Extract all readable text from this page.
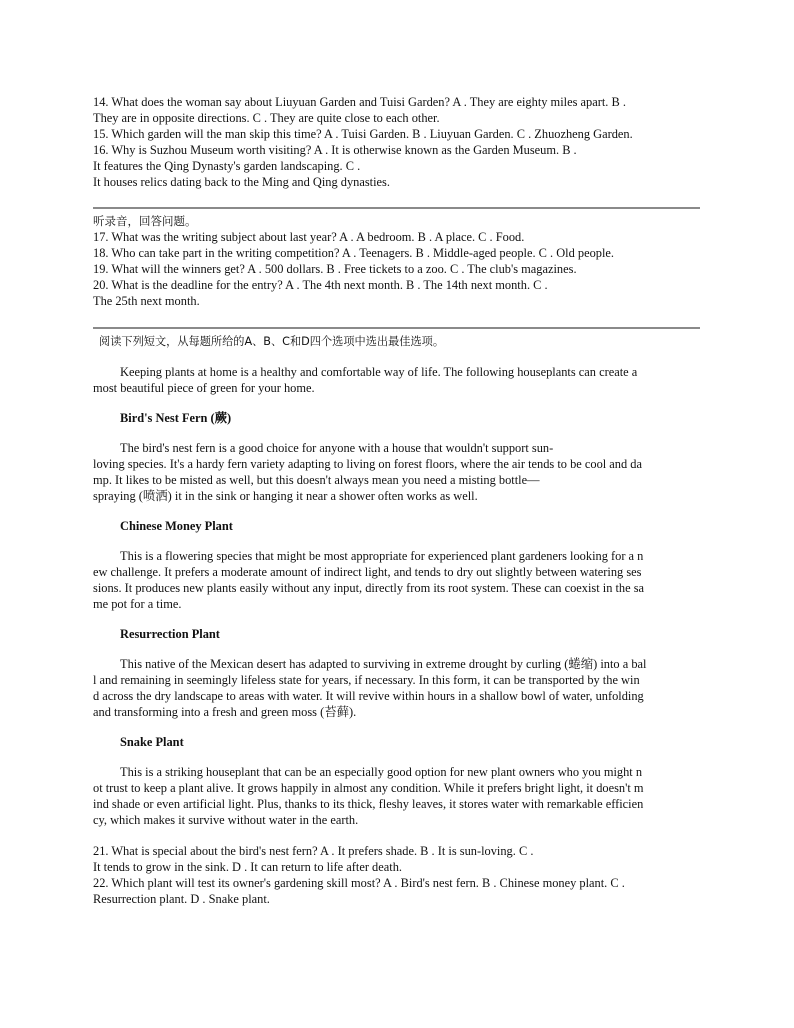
14. What does the woman say about Liuyuan Garden and Tuisi Garden? A . They are eighty miles apart. B .
They are in opposite directions. C . They are quite close to each other.
15. Which garden will the man skip this time? A . Tuisi Garden. B . Liuyuan Garden. C . Zhuozheng Garden.
16. Why is Suzhou Museum worth visiting? A . It is otherwise known as the Garden Museum. B .
It features the Qing Dynasty's garden landscaping. C .
It houses relics dating back to the Ming and Qing dynasties.
听录音，回答问题。
17. What was the writing subject about last year? A . A bedroom. B . A place. C . Food.
18. Who can take part in the writing competition? A . Teenagers. B . Middle-aged people. C . Old people.
19. What will the winners get? A . 500 dollars. B . Free tickets to a zoo. C . The club's magazines.
20. What is the deadline for the entry? A . The 4th next month. B . The 14th next month. C .
The 25th next month.
阅读下列短文，从每题所给的A、B、C和D四个选项中选出最佳选项。
Keeping plants at home is a healthy and comfortable way of life. The following houseplants can create a
most beautiful piece of green for your home.
Bird's Nest Fern (蕨)
The bird's nest fern is a good choice for anyone with a house that wouldn't support sun-
loving species. It's a hardy fern variety adapting to living on forest floors, where the air tends to be cool and da
mp. It likes to be misted as well, but this doesn't always mean you need a misting bottle—
spraying (喷洒) it in the sink or hanging it near a shower often works as well.
Chinese Money Plant
This is a flowering species that might be most appropriate for experienced plant gardeners looking for a n
ew challenge. It prefers a moderate amount of indirect light, and tends to dry out slightly between watering ses
sions. It produces new plants easily without any input, directly from its root system. These can coexist in the sa
me pot for a time.
Resurrection Plant
This native of the Mexican desert has adapted to surviving in extreme drought by curling (蜷缩) into a bal
l and remaining in seemingly lifeless state for years, if necessary. In this form, it can be transported by the win
d across the dry landscape to areas with water. It will revive within hours in a shallow bowl of water, unfolding
and transforming into a fresh and green moss (苔藓).
Snake Plant
This is a striking houseplant that can be an especially good option for new plant owners who you might n
ot trust to keep a plant alive. It grows happily in almost any condition. While it prefers bright light, it doesn't m
ind shade or even artificial light. Plus, thanks to its thick, fleshy leaves, it stores water with remarkable efficien
cy, which makes it survive without water in the earth.
21. What is special about the bird's nest fern? A . It prefers shade. B . It is sun-loving. C .
It tends to grow in the sink. D . It can return to life after death.
22. Which plant will test its owner's gardening skill most? A . Bird's nest fern. B . Chinese money plant. C .
Resurrection plant. D . Snake plant.
